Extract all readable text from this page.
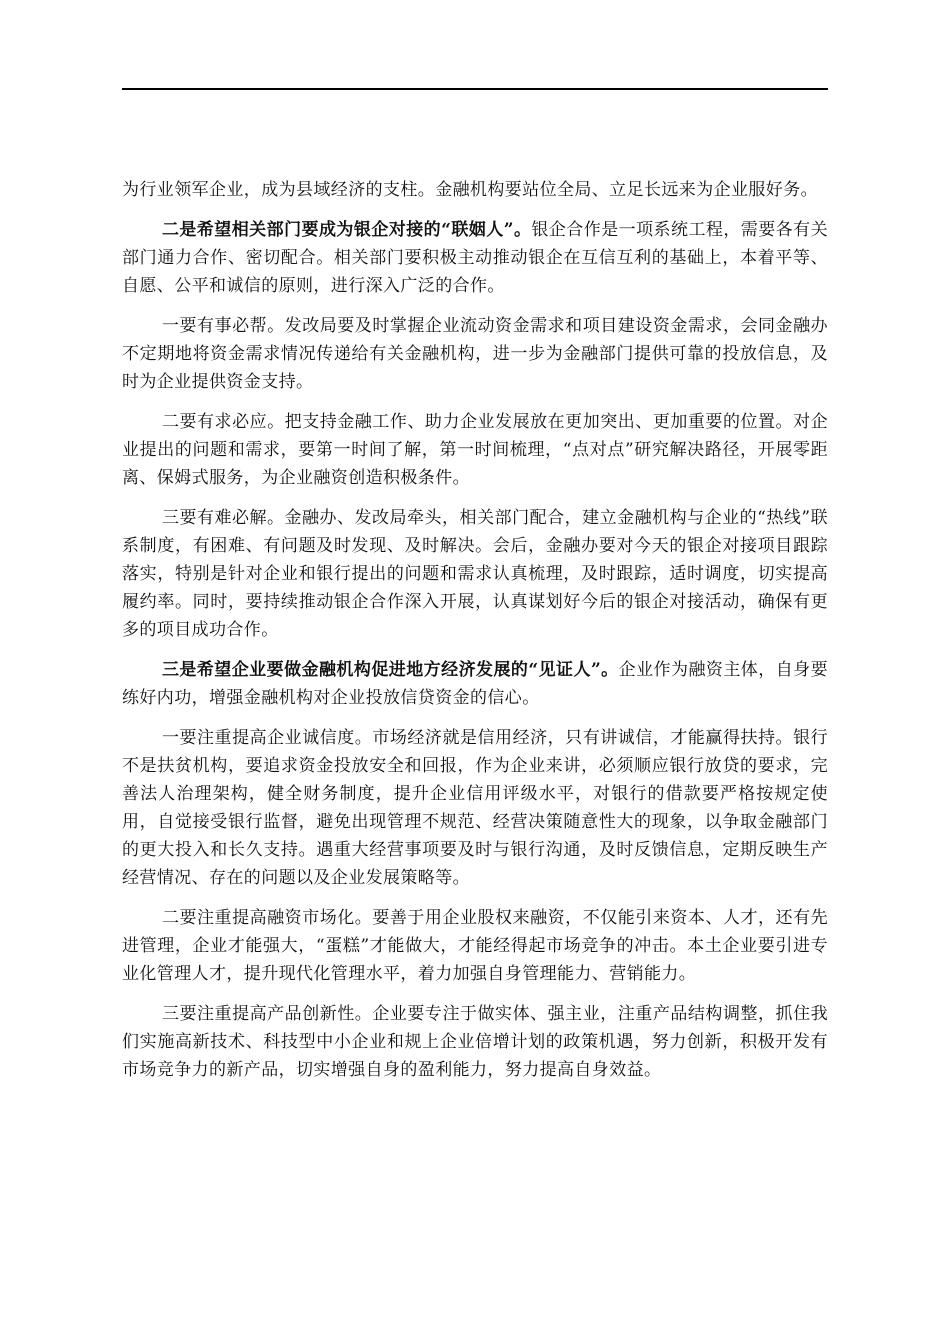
为行业领军企业，成为县域经济的支柱。金融机构要站位全局、立足长远来为企业服好务。

二是希望相关部门要成为银企对接的“联姻人”。银企合作是一项系统工程，需要各有关部门通力合作、密切配合。相关部门要积极主动推动银企在互信互利的基础上，本着平等、自愿、公平和诚信的原则，进行深入广泛的合作。

一要有事必帮。发改局要及时掌握企业流动资金需求和项目建设资金需求，会同金融办不定期地将资金需求情况传递给有关金融机构，进一步为金融部门提供可靠的投放信息，及时为企业提供资金支持。

二要有求必应。把支持金融工作、助力企业发展放在更加突出、更加重要的位置。对企业提出的问题和需求，要第一时间了解，第一时间梳理，“点对点”研究解决路径，开展零距离、保姆式服务，为企业融资创造积极条件。

三要有难必解。金融办、发改局牵头，相关部门配合，建立金融机构与企业的“热线”联系制度，有困难、有问题及时发现、及时解决。会后，金融办要对今天的银企对接项目跟踪落实，特别是针对企业和银行提出的问题和需求认真梳理，及时跟踪，适时调度，切实提高履约率。同时，要持续推动银企合作深入开展，认真谋划好今后的银企对接活动，确保有更多的项目成功合作。

三是希望企业要做金融机构促进地方经济发展的“见证人”。企业作为融资主体，自身要练好内功，增强金融机构对企业投放信贷资金的信心。

一要注重提高企业诚信度。市场经济就是信用经济，只有讲诚信，才能赢得扶持。银行不是扶贫机构，要追求资金投放安全和回报，作为企业来讲，必须顺应银行放贷的要求，完善法人治理架构，健全财务制度，提升企业信用评级水平，对银行的借款要严格按规定使用，自觉接受银行监督，避免出现管理不规范、经营决策随意性大的现象，以争取金融部门的更大投入和长久支持。遇重大经营事项要及时与银行沟通，及时反馈信息，定期反映生产经营情况、存在的问题以及企业发展策略等。

二要注重提高融资市场化。要善于用企业股权来融资，不仅能引来资本、人才，还有先进管理，企业才能强大，“蛋糕”才能做大，才能经得起市场竞争的冲击。本土企业要引进专业化管理人才，提升现代化管理水平，着力加强自身管理能力、营销能力。

三要注重提高产品创新性。企业要专注于做实体、强主业，注重产品结构调整，抓住我们实施高新技术、科技型中小企业和规上企业倍增计划的政策机遇，努力创新，积极开发有市场竞争力的新产品，切实增强自身的盈利能力，努力提高自身效益。
